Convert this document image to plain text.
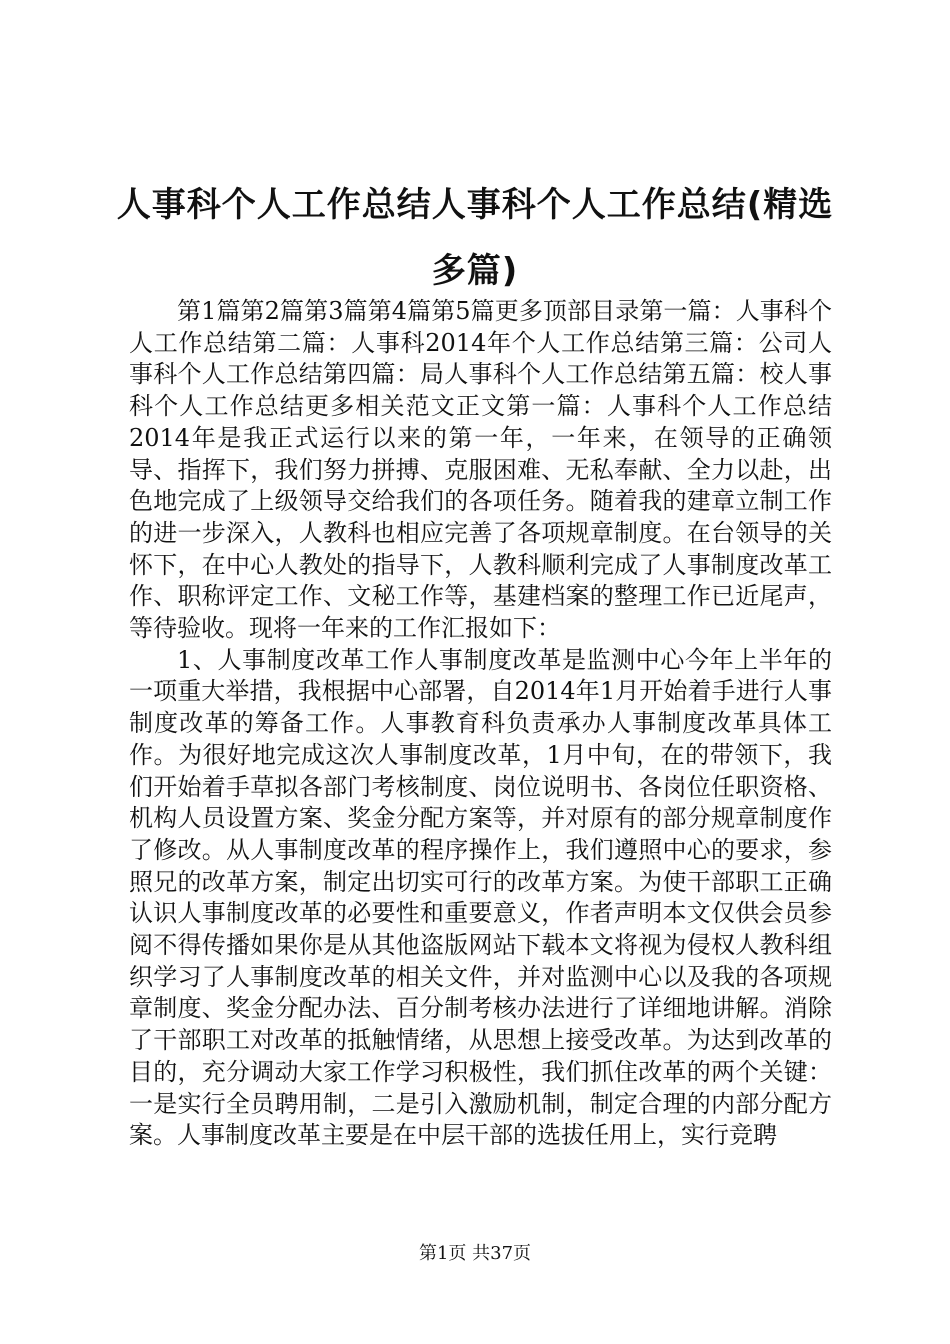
人事科个人工作总结人事科个人工作总结(精选多篇)

第1篇第2篇第3篇第4篇第5篇更多顶部目录第一篇：人事科个人工作总结第二篇：人事科2014年个人工作总结第三篇：公司人事科个人工作总结第四篇：局人事科个人工作总结第五篇：校人事科个人工作总结更多相关范文正文第一篇：人事科个人工作总结2014年是我正式运行以来的第一年，一年来，在领导的正确领导、指挥下，我们努力拼搏、克服困难、无私奉献、全力以赴，出色地完成了上级领导交给我们的各项任务。随着我的建章立制工作的进一步深入，人教科也相应完善了各项规章制度。在台领导的关怀下，在中心人教处的指导下，人教科顺利完成了人事制度改革工作、职称评定工作、文秘工作等，基建档案的整理工作已近尾声，等待验收。现将一年来的工作汇报如下：

1、人事制度改革工作人事制度改革是监测中心今年上半年的一项重大举措，我根据中心部署，自2014年1月开始着手进行人事制度改革的筹备工作。人事教育科负责承办人事制度改革具体工作。为很好地完成这次人事制度改革，1月中旬，在的带领下，我们开始着手草拟各部门考核制度、岗位说明书、各岗位任职资格、机构人员设置方案、奖金分配方案等，并对原有的部分规章制度作了修改。从人事制度改革的程序操作上，我们遵照中心的要求，参照兄的改革方案，制定出切实可行的改革方案。为使干部职工正确认识人事制度改革的必要性和重要意义，作者声明本文仅供会员参阅不得传播如果你是从其他盗版网站下载本文将视为侵权人教科组织学习了人事制度改革的相关文件，并对监测中心以及我的各项规章制度、奖金分配办法、百分制考核办法进行了详细地讲解。消除了干部职工对改革的抵触情绪，从思想上接受改革。为达到改革的目的，充分调动大家工作学习积极性，我们抓住改革的两个关键：一是实行全员聘用制，二是引入激励机制，制定合理的内部分配方案。人事制度改革主要是在中层干部的选拔任用上，实行竞聘

第1页 共37页
